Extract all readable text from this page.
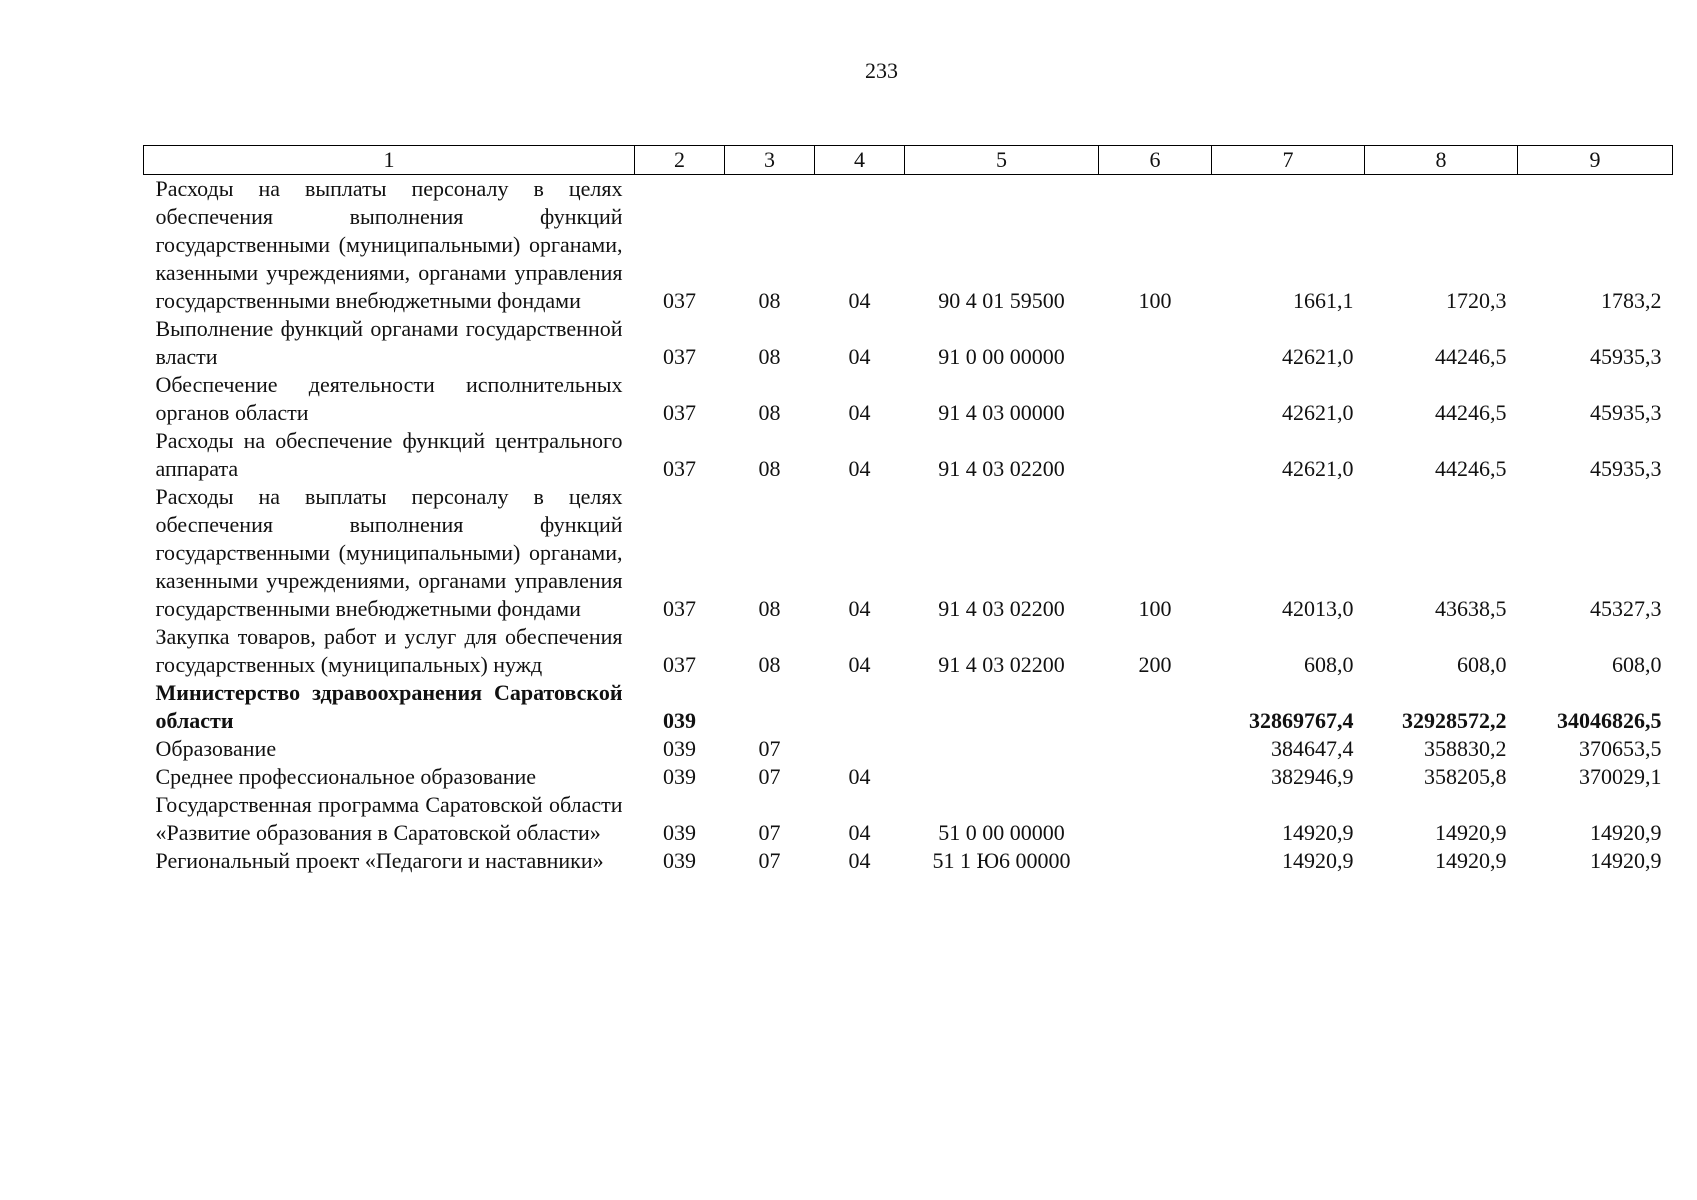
233
1	2	3	4	5	6	7	8	9
Расходы на выплаты персоналу в целях обеспечения выполнения функций государственными (муниципальными) органами, казенными учреждениями, органами управления государственными внебюджетными фондами	037	08	04	90 4 01 59500	100	1661,1	1720,3	1783,2
Выполнение функций органами государственной власти	037	08	04	91 0 00 00000		42621,0	44246,5	45935,3
Обеспечение деятельности исполнительных органов области	037	08	04	91 4 03 00000		42621,0	44246,5	45935,3
Расходы на обеспечение функций центрального аппарата	037	08	04	91 4 03 02200		42621,0	44246,5	45935,3
Расходы на выплаты персоналу в целях обеспечения выполнения функций государственными (муниципальными) органами, казенными учреждениями, органами управления государственными внебюджетными фондами	037	08	04	91 4 03 02200	100	42013,0	43638,5	45327,3
Закупка товаров, работ и услуг для обеспечения государственных (муниципальных) нужд	037	08	04	91 4 03 02200	200	608,0	608,0	608,0
Министерство здравоохранения Саратовской области	039					32869767,4	32928572,2	34046826,5
Образование	039	07				384647,4	358830,2	370653,5
Среднее профессиональное образование	039	07	04			382946,9	358205,8	370029,1
Государственная программа Саратовской области «Развитие образования в Саратовской области»	039	07	04	51 0 00 00000		14920,9	14920,9	14920,9
Региональный проект «Педагоги и наставники»	039	07	04	51 1 Ю6 00000		14920,9	14920,9	14920,9
